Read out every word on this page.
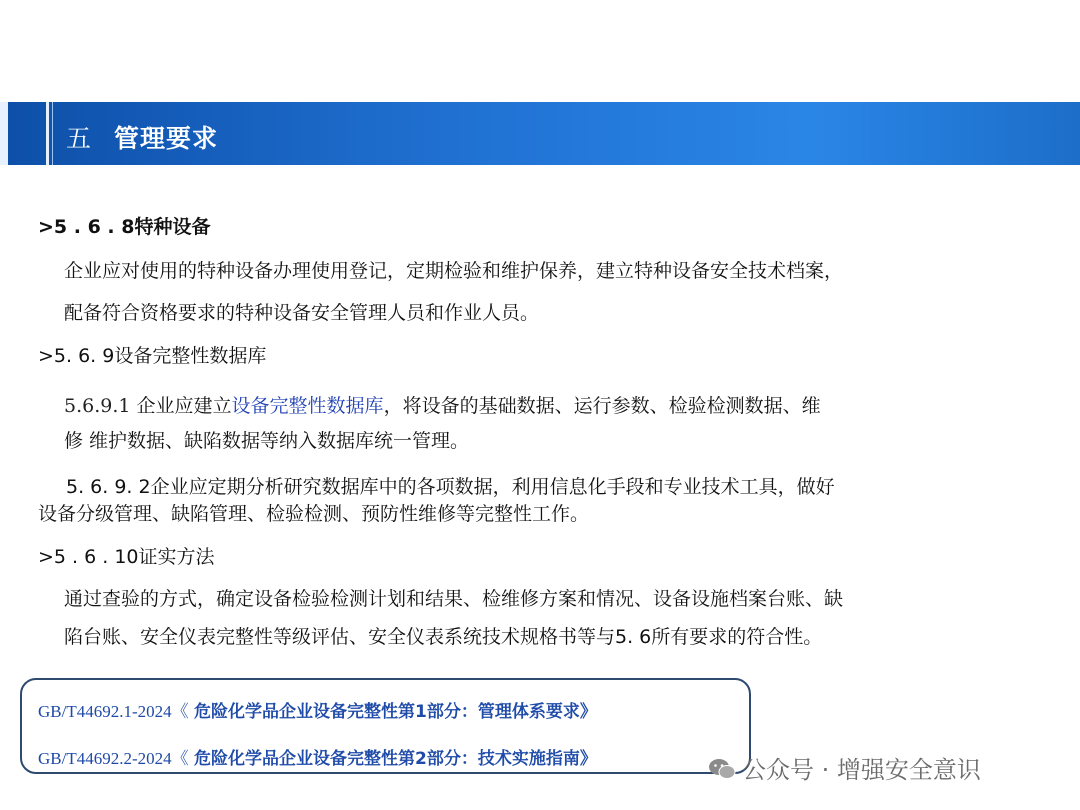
五 管理要求
>5 . 6 . 8特种设备
企业应对使用的特种设备办理使用登记，定期检验和维护保养，建立特种设备安全技术档案，
配备符合资格要求的特种设备安全管理人员和作业人员。
>5. 6. 9设备完整性数据库
5.6.9.1 企业应建立设备完整性数据库，将设备的基础数据、运行参数、检验检测数据、维
修 维护数据、缺陷数据等纳入数据库统一管理。
5. 6. 9. 2企业应定期分析研究数据库中的各项数据，利用信息化手段和专业技术工具，做好
设备分级管理、缺陷管理、检验检测、预防性维修等完整性工作。
>5 . 6 . 10证实方法
通过查验的方式，确定设备检验检测计划和结果、检维修方案和情况、设备设施档案台账、缺
陷台账、安全仪表完整性等级评估、安全仪表系统技术规格书等与5. 6所有要求的符合性。
GB/T44692.1-2024《 危险化学品企业设备完整性第1部分：管理体系要求》
GB/T44692.2-2024《 危险化学品企业设备完整性第2部分：技术实施指南》	公众号 · 增强安全意识
